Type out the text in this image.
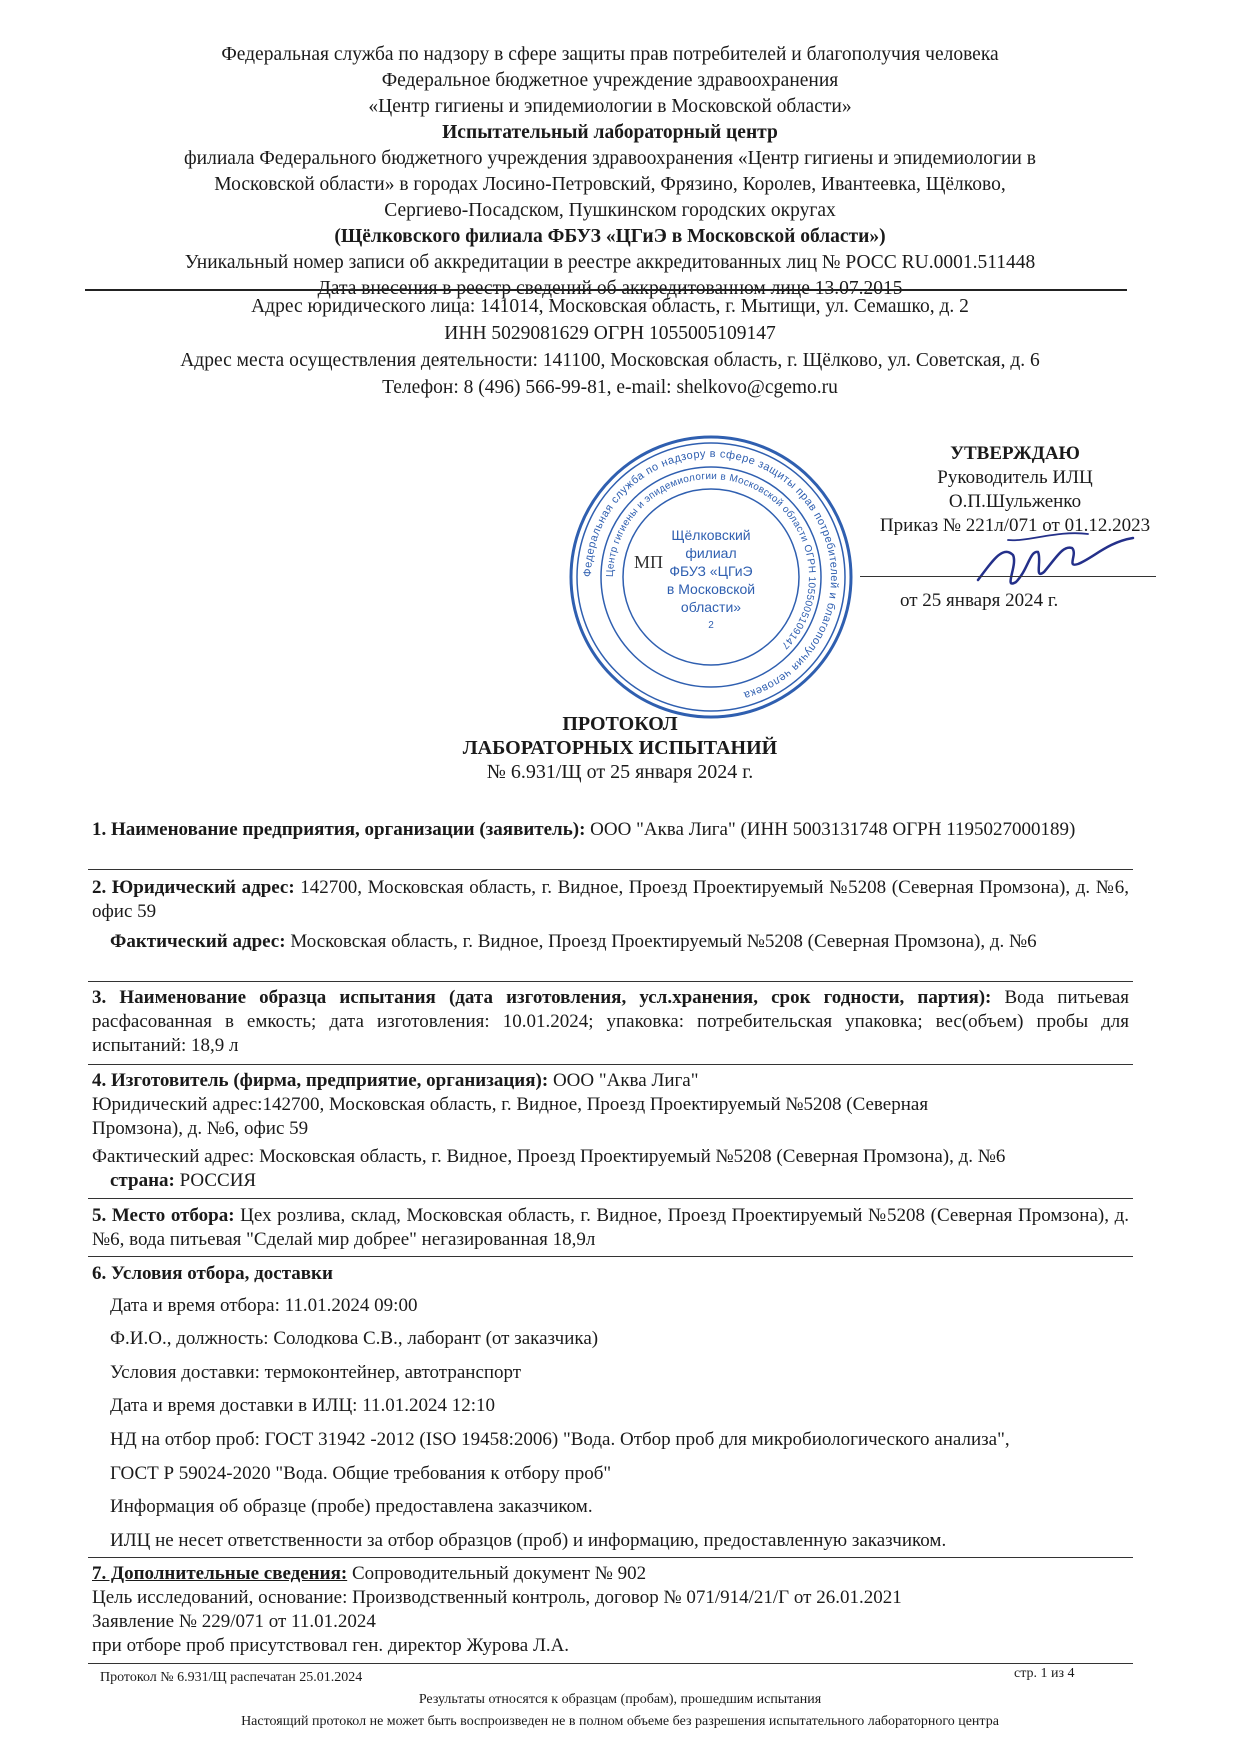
Федеральная служба по надзору в сфере защиты прав потребителей и благополучия человека
Федеральное бюджетное учреждение здравоохранения
«Центр гигиены и эпидемиологии в Московской области»
Испытательный лабораторный центр
филиала Федерального бюджетного учреждения здравоохранения «Центр гигиены и эпидемиологии в
Московской области» в городах Лосино-Петровский, Фрязино, Королев, Ивантеевка, Щёлково,
Сергиево-Посадском, Пушкинском городских округах
(Щёлковского филиала ФБУЗ «ЦГиЭ в Московской области»)
Уникальный номер записи об аккредитации в реестре аккредитованных лиц № РОСС RU.0001.511448
Дата внесения в реестр сведений об аккредитованном лице 13.07.2015
Адрес юридического лица: 141014, Московская область, г. Мытищи, ул. Семашко, д. 2
ИНН 5029081629 ОГРН 1055005109147
Адрес места осуществления деятельности: 141100, Московская область, г. Щёлково, ул. Советская, д. 6
Телефон: 8 (496) 566-99-81, e-mail: shelkovo@cgemo.ru
УТВЕРЖДАЮ
Руководитель ИЛЦ
О.П.Шульженко
Приказ № 221л/071 от 01.12.2023
от 25 января 2024 г.
Федеральная служба по надзору в сфере защиты прав потребителей и благополучия человека
Центр гигиены и эпидемиологии в Московской области ОГРН 1055005109147
Щёлковский
филиал
ФБУЗ «ЦГиЭ
в Московской
области»
2
МП
ПРОТОКОЛ
ЛАБОРАТОРНЫХ ИСПЫТАНИЙ
№ 6.931/Щ от 25 января 2024 г.
1. Наименование предприятия, организации (заявитель): ООО "Аква Лига" (ИНН 5003131748 ОГРН 1195027000189)
2. Юридический адрес: 142700, Московская область, г. Видное, Проезд Проектируемый №5208 (Северная Промзона), д. №6, офис 59
Фактический адрес: Московская область, г. Видное, Проезд Проектируемый №5208 (Северная Промзона), д. №6
3. Наименование образца испытания (дата изготовления, усл.хранения, срок годности, партия): Вода питьевая расфасованная в емкость; дата изготовления: 10.01.2024; упаковка: потребительская упаковка; вес(объем) пробы для испытаний: 18,9 л
4. Изготовитель (фирма, предприятие, организация): ООО "Аква Лига"
Юридический адрес:142700, Московская область, г. Видное, Проезд Проектируемый №5208 (Северная
Промзона), д. №6, офис 59
Фактический адрес: Московская область, г. Видное, Проезд Проектируемый №5208 (Северная Промзона), д. №6
страна: РОССИЯ
5. Место отбора: Цех розлива, склад, Московская область, г. Видное, Проезд Проектируемый №5208 (Северная Промзона), д. №6, вода питьевая "Сделай мир добрее" негазированная 18,9л
6. Условия отбора, доставки
Дата и время отбора: 11.01.2024 09:00
Ф.И.О., должность: Солодкова С.В., лаборант (от заказчика)
Условия доставки: термоконтейнер, автотранспорт
Дата и время доставки в ИЛЦ: 11.01.2024 12:10
НД на отбор проб: ГОСТ 31942 -2012 (ISO 19458:2006) "Вода. Отбор проб для микробиологического анализа",
ГОСТ Р 59024-2020 "Вода. Общие требования к отбору проб"
Информация об образце (пробе) предоставлена заказчиком.
ИЛЦ не несет ответственности за отбор образцов (проб) и информацию, предоставленную заказчиком.
7. Дополнительные сведения: Сопроводительный документ № 902
Цель исследований, основание: Производственный контроль, договор № 071/914/21/Г от 26.01.2021
Заявление № 229/071 от 11.01.2024
при отборе проб присутствовал ген. директор Журова Л.А.
Протокол № 6.931/Щ распечатан 25.01.2024	стр. 1 из 4
Результаты относятся к образцам (пробам), прошедшим испытания
Настоящий протокол не может быть воспроизведен не в полном объеме без разрешения испытательного лабораторного центра
